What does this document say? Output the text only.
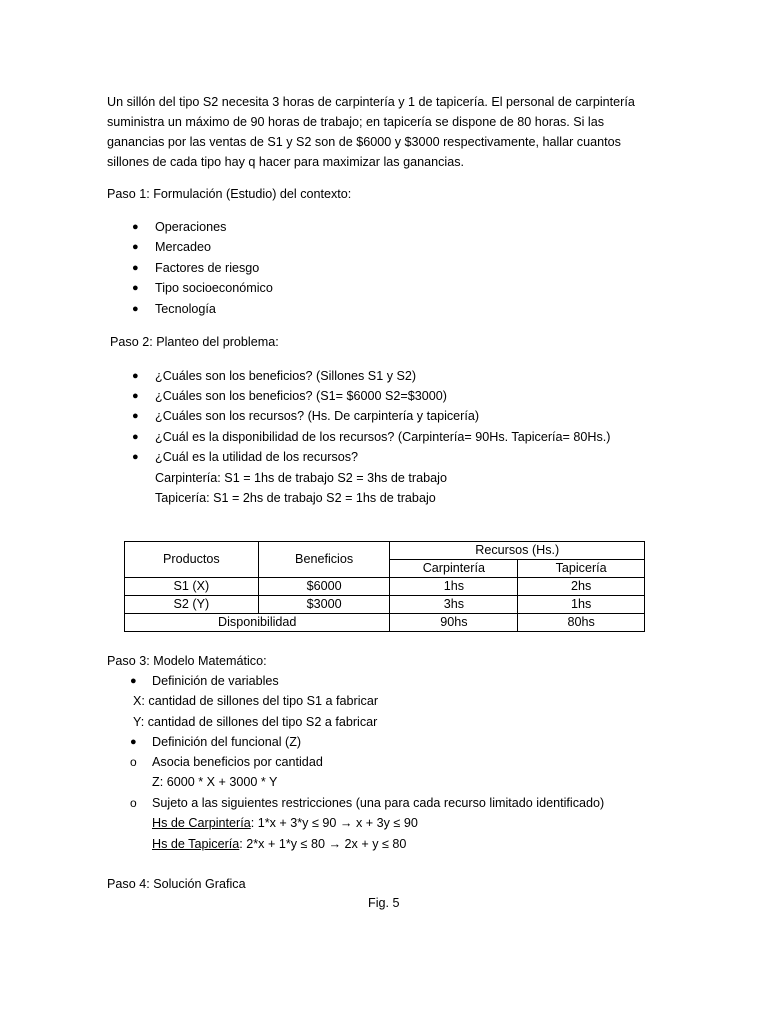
Un sillón del tipo S2 necesita 3 horas de carpintería y 1 de tapicería. El personal de carpintería suministra un máximo de 90 horas de trabajo; en tapicería se dispone de 80 horas. Si las ganancias por las ventas de S1 y S2 son de $6000 y $3000 respectivamente, hallar cuantos sillones de cada tipo hay q hacer para maximizar las ganancias.
Paso 1: Formulación (Estudio) del contexto:
● Operaciones
● Mercadeo
● Factores de riesgo
● Tipo socioeconómico
● Tecnología
Paso 2: Planteo del problema:
● ¿Cuáles son los beneficios? (Sillones S1 y S2)
● ¿Cuáles son los beneficios? (S1= $6000 S2=$3000)
● ¿Cuáles son los recursos? (Hs. De carpintería y tapicería)
● ¿Cuál es la disponibilidad de los recursos? (Carpintería= 90Hs. Tapicería= 80Hs.)
● ¿Cuál es la utilidad de los recursos?
Carpintería: S1 = 1hs de trabajo S2 = 3hs de trabajo
Tapicería: S1 = 2hs de trabajo S2 = 1hs de trabajo
Productos	Beneficios	Recursos (Hs.)	
		Carpintería	Tapicería
S1 (X)	$6000	1hs	2hs
S2 (Y)	$3000	3hs	1hs
Disponibilidad		90hs	80hs
Paso 3: Modelo Matemático:
● Definición de variables
X: cantidad de sillones del tipo S1 a fabricar
Y: cantidad de sillones del tipo S2 a fabricar
● Definición del funcional (Z)
o Asocia beneficios por cantidad
Z: 6000 * X + 3000 * Y
o Sujeto a las siguientes restricciones (una para cada recurso limitado identificado)
Hs de Carpintería: 1*x + 3*y ≤ 90 → x + 3y ≤ 90
Hs de Tapicería: 2*x + 1*y ≤ 80 → 2x + y ≤ 80
Paso 4: Solución Grafica
Fig. 5
